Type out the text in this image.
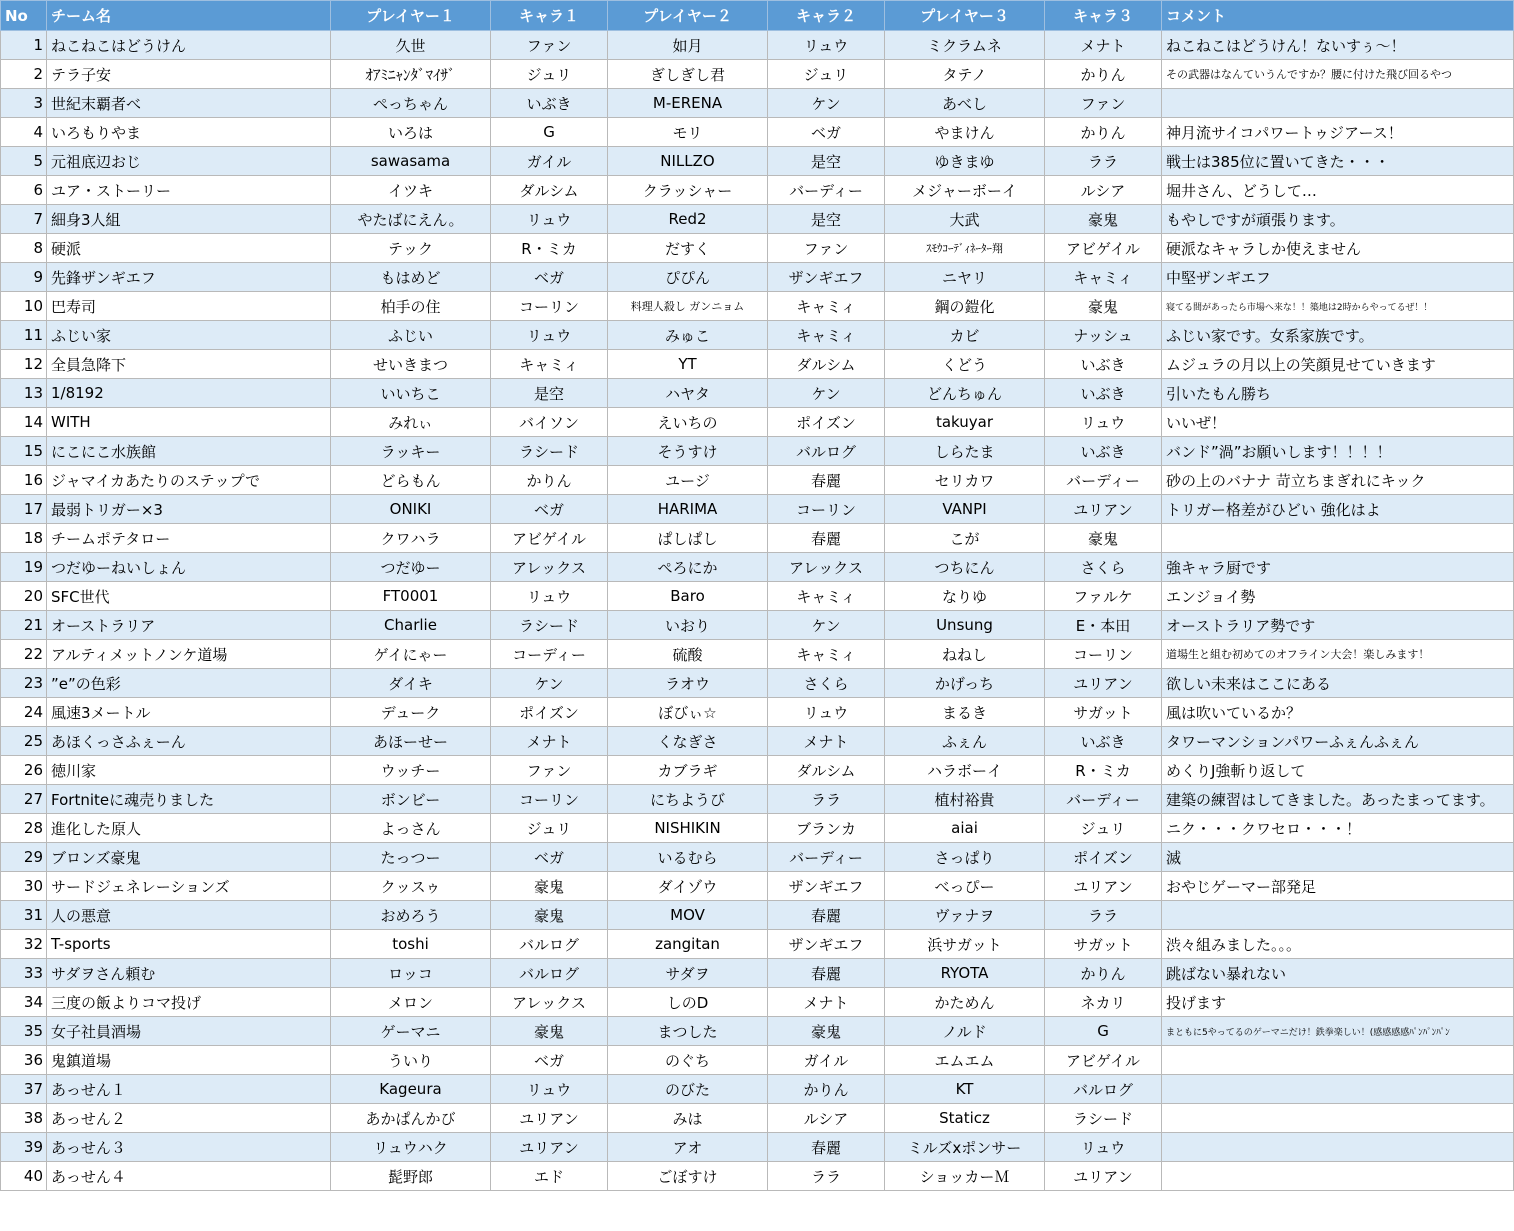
No	チーム名	プレイヤー１	キャラ１	プレイヤー２	キャラ２	プレイヤー３	キャラ３	コメント
1	ねこねこはどうけん	久世	ファン	如月	リュウ	ミクラムネ	メナト	ねこねこはどうけん！ないすぅ～！
2	テラ子安	ｵｱﾐﾆｬﾝﾀﾞﾏｲｻﾞ	ジュリ	ぎしぎし君	ジュリ	タテノ	かりん	その武器はなんていうんですか？腰に付けた飛び回るやつ
3	世紀末覇者べ	ぺっちゃん	いぶき	M-ERENA	ケン	あべし	ファン	
4	いろもりやま	いろは	G	モリ	ベガ	やまけん	かりん	神月流サイコパワートゥジアース！
5	元祖底辺おじ	sawasama	ガイル	NILLZO	是空	ゆきまゆ	ララ	戦士は385位に置いてきた・・・
6	ユア・ストーリー	イツキ	ダルシム	クラッシャー	バーディー	メジャーボーイ	ルシア	堀井さん、どうして…
7	細身3人組	やたばにえん。	リュウ	Red2	是空	大武	豪鬼	もやしですが頑張ります。
8	硬派	テック	R・ミカ	だすく	ファン	ｽﾓｳｺｰﾃﾞｨﾈｰﾀｰ翔	アビゲイル	硬派なキャラしか使えません
9	先鋒ザンギエフ	もはめど	ベガ	ぴぴん	ザンギエフ	ニヤリ	キャミィ	中堅ザンギエフ
10	巴寿司	柏手の住	コーリン	料理人殺し ガンニョム	キャミィ	鋼の鎧化	豪鬼	寝てる間があったら市場へ来な！！築地は2時からやってるぜ！！
11	ふじい家	ふじい	リュウ	みゅこ	キャミィ	カビ	ナッシュ	ふじい家です。女系家族です。
12	全員急降下	せいきまつ	キャミィ	YT	ダルシム	くどう	いぶき	ムジュラの月以上の笑顔見せていきます
13	1/8192	いいちこ	是空	ハヤタ	ケン	どんちゅん	いぶき	引いたもん勝ち
14	WITH	みれぃ	バイソン	えいちの	ポイズン	takuyar	リュウ	いいぜ！
15	にこにこ水族館	ラッキー	ラシード	そうすけ	バルログ	しらたま	いぶき	バンド”渦”お願いします！！！！
16	ジャマイカあたりのステップで	どらもん	かりん	ユージ	春麗	セリカワ	バーディー	砂の上のバナナ 苛立ちまぎれにキック
17	最弱トリガー×3	ONIKI	ベガ	HARIMA	コーリン	VANPI	ユリアン	トリガー格差がひどい 強化はよ
18	チームポテタロー	クワハラ	アビゲイル	ぱしぱし	春麗	こが	豪鬼	
19	つだゆーねいしょん	つだゆー	アレックス	ぺろにか	アレックス	つちにん	さくら	強キャラ厨です
20	SFC世代	FT0001	リュウ	Baro	キャミィ	なりゆ	ファルケ	エンジョイ勢
21	オーストラリア	Charlie	ラシード	いおり	ケン	Unsung	E・本田	オーストラリア勢です
22	アルティメットノンケ道場	ゲイにゃー	コーディー	硫酸	キャミィ	ねねし	コーリン	道場生と組む初めてのオフライン大会！楽しみます！
23	”e”の色彩	ダイキ	ケン	ラオウ	さくら	かげっち	ユリアン	欲しい未来はここにある
24	風速3メートル	デューク	ポイズン	ぼびぃ☆	リュウ	まるき	サガット	風は吹いているか？
25	あほくっさふぇーん	あほーせー	メナト	くなぎさ	メナト	ふぇん	いぶき	タワーマンションパワーふぇんふぇん
26	徳川家	ウッチー	ファン	カブラギ	ダルシム	ハラボーイ	R・ミカ	めくりJ強斬り返して
27	Fortniteに魂売りました	ボンビー	コーリン	にちようび	ララ	植村裕貴	バーディー	建築の練習はしてきました。あったまってます。
28	進化した原人	よっさん	ジュリ	NISHIKIN	ブランカ	aiai	ジュリ	ニク・・・クワセロ・・・！
29	ブロンズ豪鬼	たっつー	ベガ	いるむら	バーディー	さっぱり	ポイズン	滅
30	サードジェネレーションズ	クッスゥ	豪鬼	ダイゾウ	ザンギエフ	べっぴー	ユリアン	おやじゲーマー部発足
31	人の悪意	おめろう	豪鬼	MOV	春麗	ヴァナヲ	ララ	
32	T-sports	toshi	バルログ	zangitan	ザンギエフ	浜サガット	サガット	渋々組みました。。。
33	サダヲさん頼む	ロッコ	バルログ	サダヲ	春麗	RYOTA	かりん	跳ばない暴れない
34	三度の飯よりコマ投げ	メロン	アレックス	しのD	メナト	かためん	ネカリ	投げます
35	女子社員酒場	ゲーマニ	豪鬼	まつした	豪鬼	ノルド	G	まともに5やってるのゲーマニだけ！鉄拳楽しい！(感感感感ﾊﾟﾝﾊﾟﾝﾊﾟﾝ
36	鬼鎮道場	ういり	ベガ	のぐち	ガイル	エムエム	アビゲイル	
37	あっせん１	Kageura	リュウ	のびた	かりん	KT	バルログ	
38	あっせん２	あかぱんかび	ユリアン	みは	ルシア	Staticz	ラシード	
39	あっせん３	リュウハク	ユリアン	アオ	春麗	ミルズxポンサー	リュウ	
40	あっせん４	髭野郎	エド	ごぼすけ	ララ	ショッカーＭ	ユリアン	
